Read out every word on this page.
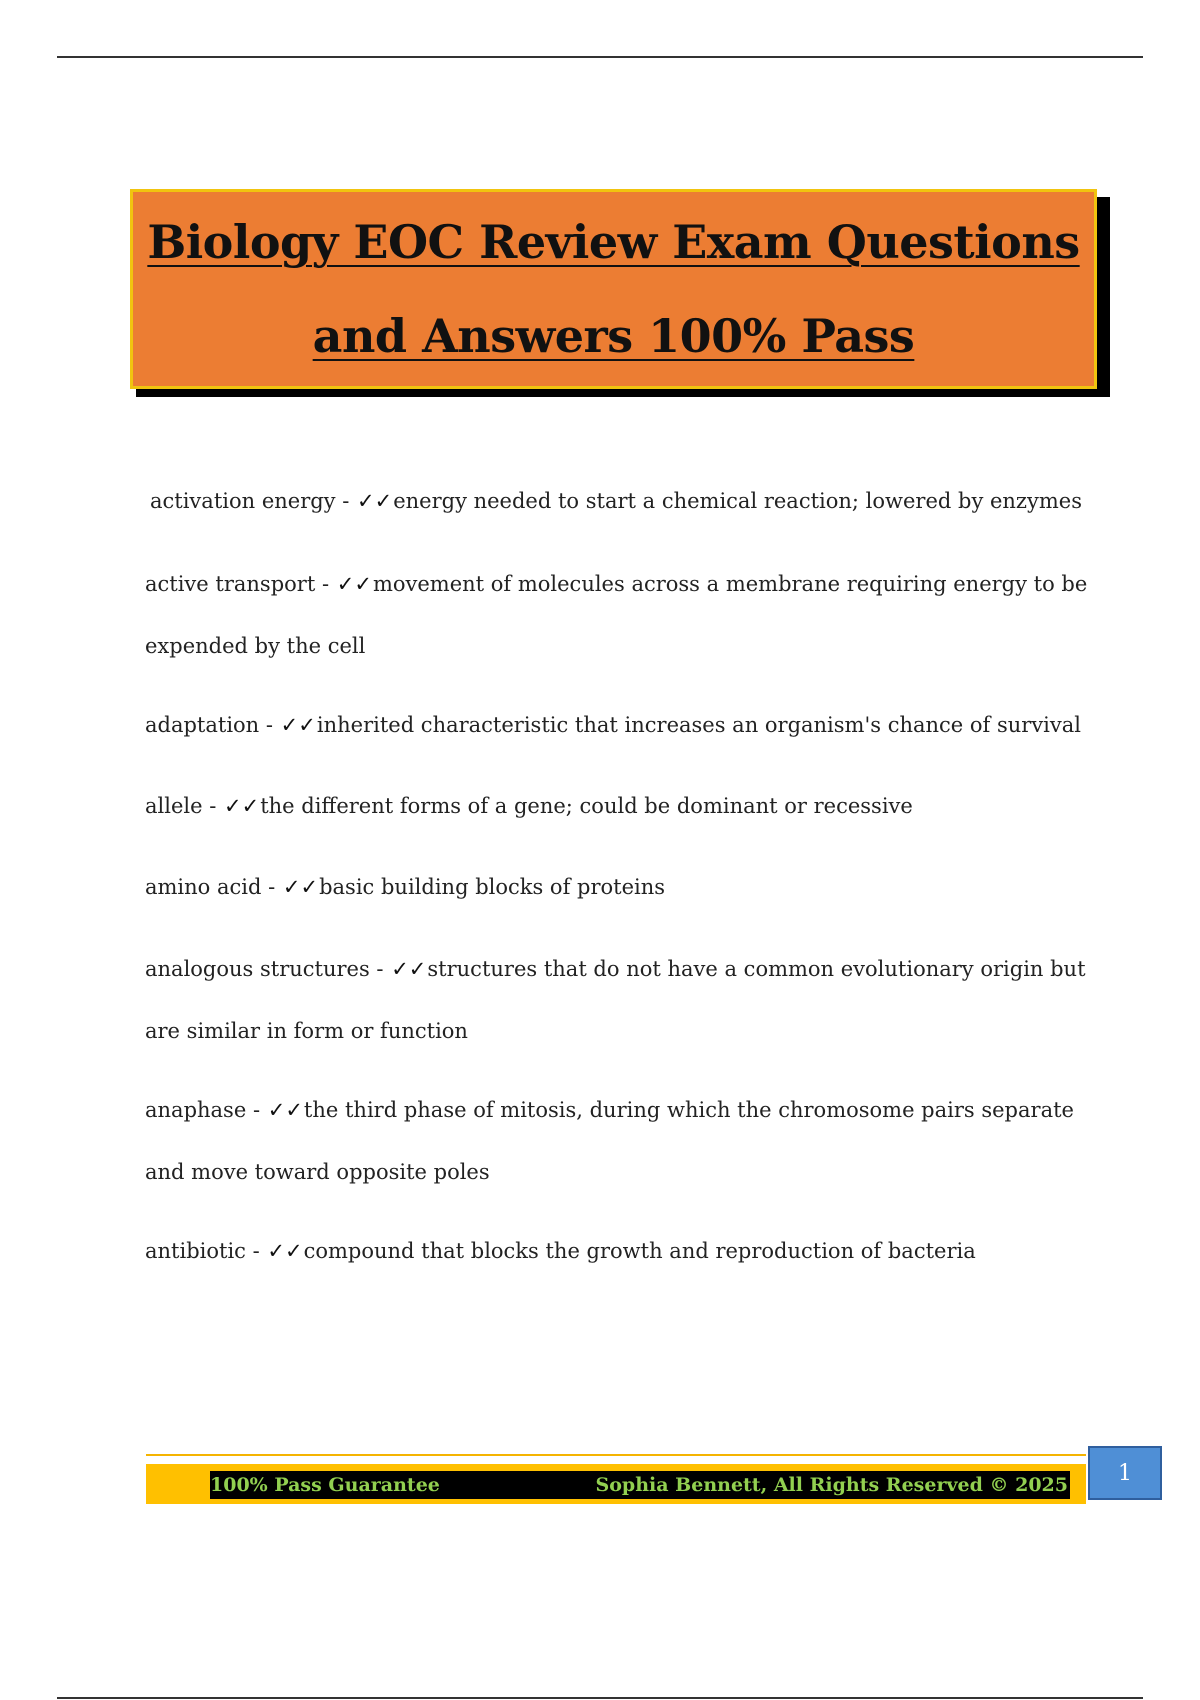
Biology EOC Review Exam Questions
and Answers 100% Pass
activation energy - ✓✓energy needed to start a chemical reaction; lowered by enzymes
active transport - ✓✓movement of molecules across a membrane requiring energy to be
expended by the cell
adaptation - ✓✓inherited characteristic that increases an organism's chance of survival
allele - ✓✓the different forms of a gene; could be dominant or recessive
amino acid - ✓✓basic building blocks of proteins
analogous structures - ✓✓structures that do not have a common evolutionary origin but
are similar in form or function
anaphase - ✓✓the third phase of mitosis, during which the chromosome pairs separate
and move toward opposite poles
antibiotic - ✓✓compound that blocks the growth and reproduction of bacteria
100% Pass Guarantee	Sophia Bennett, All Rights Reserved © 2025	1
